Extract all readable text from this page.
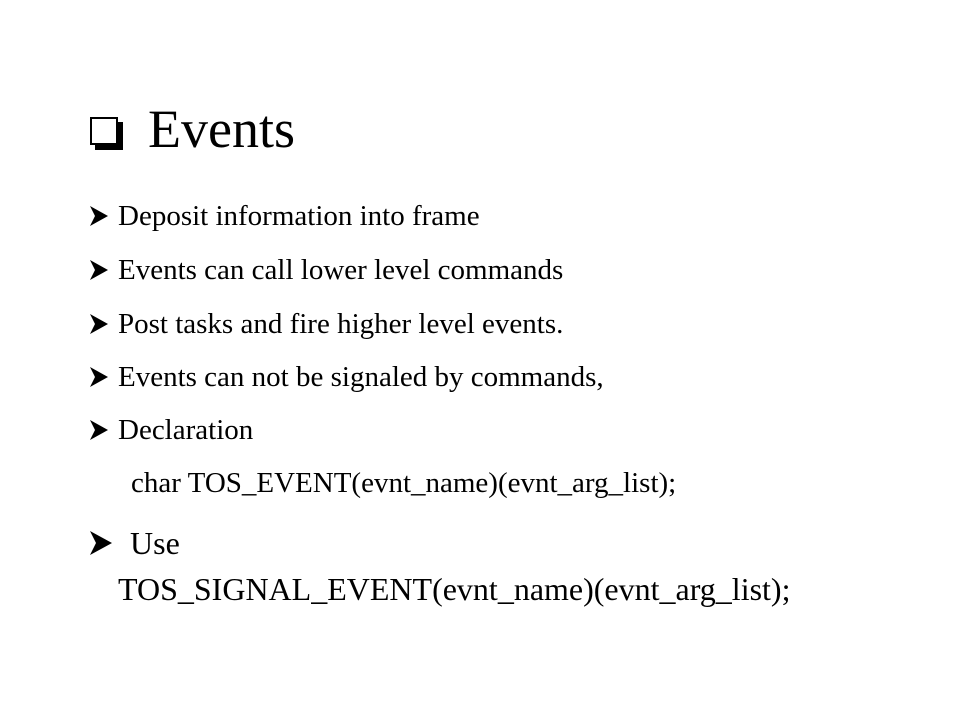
Events
Deposit information into frame
Events can call lower level commands
Post tasks and fire higher level events.
Events can not be signaled by commands,
Declaration
char TOS_EVENT(evnt_name)(evnt_arg_list);
Use
TOS_SIGNAL_EVENT(evnt_name)(evnt_arg_list);
